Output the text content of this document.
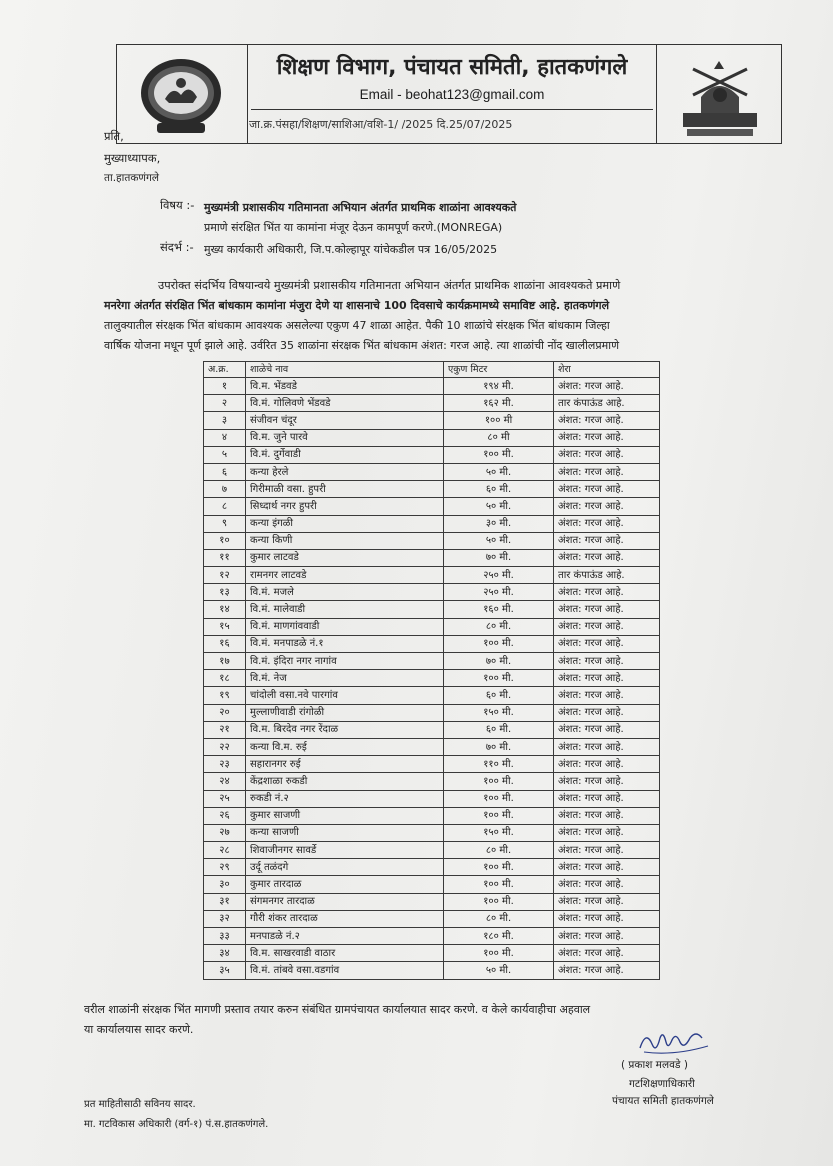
शिक्षण विभाग, पंचायत समिती, हातकणंगले
Email - beohat123@gmail.com
जा.क्र.पंसहा/शिक्षण/साशिआ/वशि-1/ /2025 दि.25/07/2025
प्रति,
मुख्याध्यापक,
ता.हातकणंगले
विषय :- मुख्यमंत्री प्रशासकीय गतिमानता अभियान अंतर्गत प्राथमिक शाळांना आवश्यकते
प्रमाणे संरक्षित भिंत या कामांना मंजूर देऊन कामपूर्ण करणे.(MONREGA)
संदर्भ :- मुख्य कार्यकारी अधिकारी, जि.प.कोल्हापूर यांचेकडील पत्र 16/05/2025
उपरोक्त संदर्भिय विषयान्वये मुख्यमंत्री प्रशासकीय गतिमानता अभियान अंतर्गत प्राथमिक शाळांना आवश्यकते प्रमाणे
मनरेगा अंतर्गत संरक्षित भिंत बांधकाम कामांना मंजुरा देणे या शासनाचे 100 दिवसाचे कार्यक्रमामध्ये समाविष्ट आहे. हातकणंगले
तालुक्यातील संरक्षक भिंत बांधकाम आवश्यक असलेल्या एकुण 47 शाळा आहेत. पैकी 10 शाळांचे संरक्षक भिंत बांधकाम जिल्हा
वार्षिक योजना मधून पूर्ण झाले आहे. उर्वरित 35 शाळांना संरक्षक भिंत बांधकाम अंशत: गरज आहे. त्या शाळांची नोंद खालीलप्रमाणे
अ.क्र.	शाळेचे नाव	एकुण मिटर	शेरा
१	वि.म. भेंडवडे	१९४ मी.	अंशत: गरज आहे.
२	वि.मं. गोलिवणे भेंडवडे	१६२ मी.	तार कंपाऊंड आहे.
३	संजीवन चंदूर	१०० मी	अंशत: गरज आहे.
४	वि.म. जुने पारवे	८० मी	अंशत: गरज आहे.
५	वि.मं. दुर्गेवाडी	१०० मी.	अंशत: गरज आहे.
६	कन्या हेरले	५० मी.	अंशत: गरज आहे.
७	गिरीमाळी वसा. हुपरी	६० मी.	अंशत: गरज आहे.
८	सिध्दार्थ नगर हुपरी	५० मी.	अंशत: गरज आहे.
९	कन्या इंगळी	३० मी.	अंशत: गरज आहे.
१०	कन्या किणी	५० मी.	अंशत: गरज आहे.
११	कुमार लाटवडे	७० मी.	अंशत: गरज आहे.
१२	रामनगर लाटवडे	२५० मी.	तार कंपाऊंड आहे.
१३	वि.मं. मजले	२५० मी.	अंशत: गरज आहे.
१४	वि.मं. मालेवाडी	१६० मी.	अंशत: गरज आहे.
१५	वि.मं. माणगांववाडी	८० मी.	अंशत: गरज आहे.
१६	वि.मं. मनपाडळे नं.१	१०० मी.	अंशत: गरज आहे.
१७	वि.मं. इंदिरा नगर नागांव	७० मी.	अंशत: गरज आहे.
१८	वि.मं. नेज	१०० मी.	अंशत: गरज आहे.
१९	चांदोली वसा.नवे पारगांव	६० मी.	अंशत: गरज आहे.
२०	मुल्लाणीवाडी रांगोळी	१५० मी.	अंशत: गरज आहे.
२१	वि.म. बिरदेव नगर रेंदाळ	६० मी.	अंशत: गरज आहे.
२२	कन्या वि.म. रुई	७० मी.	अंशत: गरज आहे.
२३	सहारानगर रुई	११० मी.	अंशत: गरज आहे.
२४	केंद्रशाळा रुकडी	१०० मी.	अंशत: गरज आहे.
२५	रुकडी नं.२	१०० मी.	अंशत: गरज आहे.
२६	कुमार साजणी	१०० मी.	अंशत: गरज आहे.
२७	कन्या साजणी	१५० मी.	अंशत: गरज आहे.
२८	शिवाजीनगर सावर्डे	८० मी.	अंशत: गरज आहे.
२९	उर्दू तळंदगे	१०० मी.	अंशत: गरज आहे.
३०	कुमार तारदाळ	१०० मी.	अंशत: गरज आहे.
३१	संगमनगर तारदाळ	१०० मी.	अंशत: गरज आहे.
३२	गौरी शंकर तारदाळ	८० मी.	अंशत: गरज आहे.
३३	मनपाडळे नं.२	१८० मी.	अंशत: गरज आहे.
३४	वि.म. साखरवाडी वाठार	१०० मी.	अंशत: गरज आहे.
३५	वि.मं. तांबवे वसा.वडगांव	५० मी.	अंशत: गरज आहे.
वरील शाळांनी संरक्षक भिंत मागणी प्रस्ताव तयार करुन संबंधित ग्रामपंचायत कार्यालयात सादर करणे. व केले कार्यवाहीचा अहवाल
या कार्यालयास सादर करणे.
( प्रकाश मलवडे )
गटशिक्षणाधिकारी
पंचायत समिती हातकणंगले
प्रत माहितीसाठी सविनय सादर.
मा. गटविकास अधिकारी (वर्ग-१) पं.स.हातकणंगले.
